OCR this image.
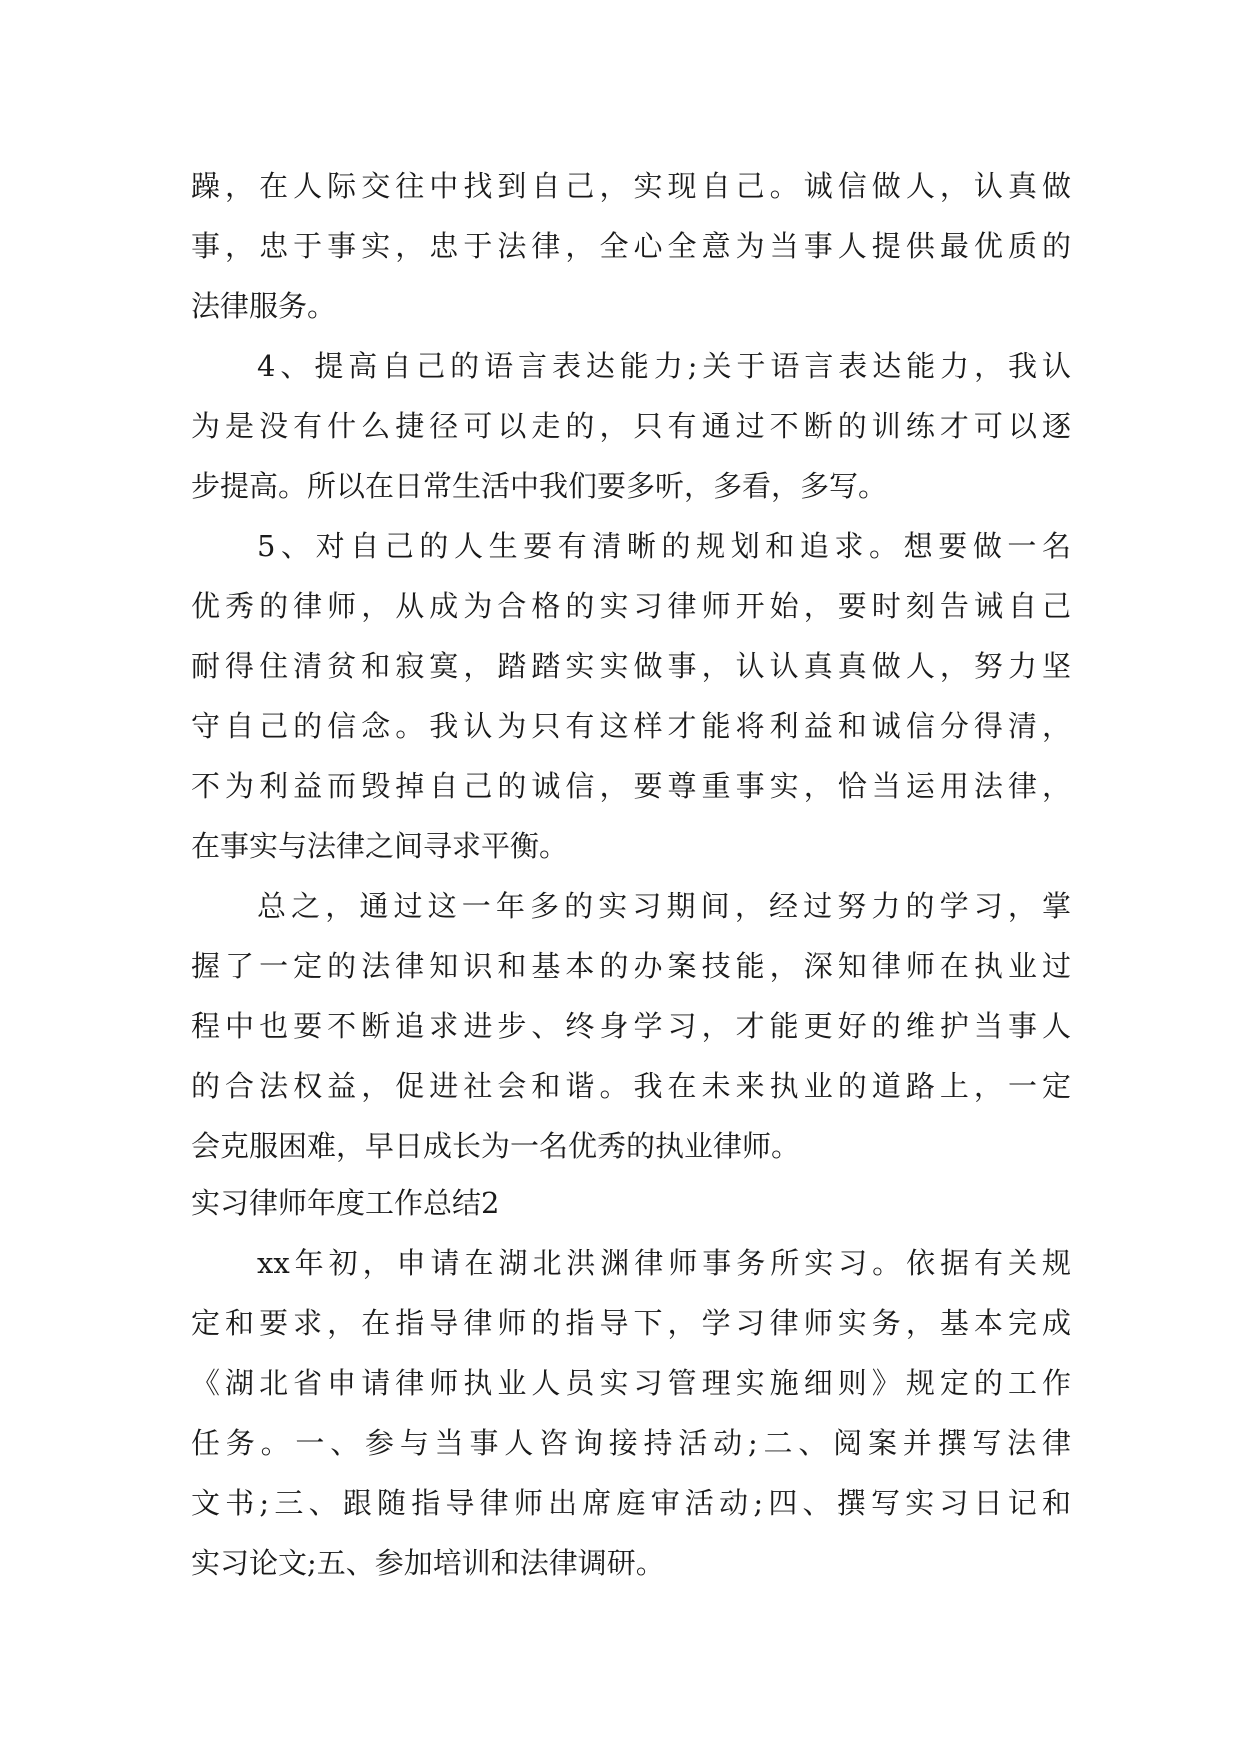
躁，在人际交往中找到自己，实现自己。诚信做人，认真做
事，忠于事实，忠于法律，全心全意为当事人提供最优质的
法律服务。
4、提高自己的语言表达能力;关于语言表达能力，我认
为是没有什么捷径可以走的，只有通过不断的训练才可以逐
步提高。所以在日常生活中我们要多听，多看，多写。
5、对自己的人生要有清晰的规划和追求。想要做一名
优秀的律师，从成为合格的实习律师开始，要时刻告诫自己
耐得住清贫和寂寞，踏踏实实做事，认认真真做人，努力坚
守自己的信念。我认为只有这样才能将利益和诚信分得清，
不为利益而毁掉自己的诚信，要尊重事实，恰当运用法律，
在事实与法律之间寻求平衡。
总之，通过这一年多的实习期间，经过努力的学习，掌
握了一定的法律知识和基本的办案技能，深知律师在执业过
程中也要不断追求进步、终身学习，才能更好的维护当事人
的合法权益，促进社会和谐。我在未来执业的道路上，一定
会克服困难，早日成长为一名优秀的执业律师。
实习律师年度工作总结2
xx年初，申请在湖北洪渊律师事务所实习。依据有关规
定和要求，在指导律师的指导下，学习律师实务，基本完成
《湖北省申请律师执业人员实习管理实施细则》规定的工作
任务。一、参与当事人咨询接持活动;二、阅案并撰写法律
文书;三、跟随指导律师出席庭审活动;四、撰写实习日记和
实习论文;五、参加培训和法律调研。
